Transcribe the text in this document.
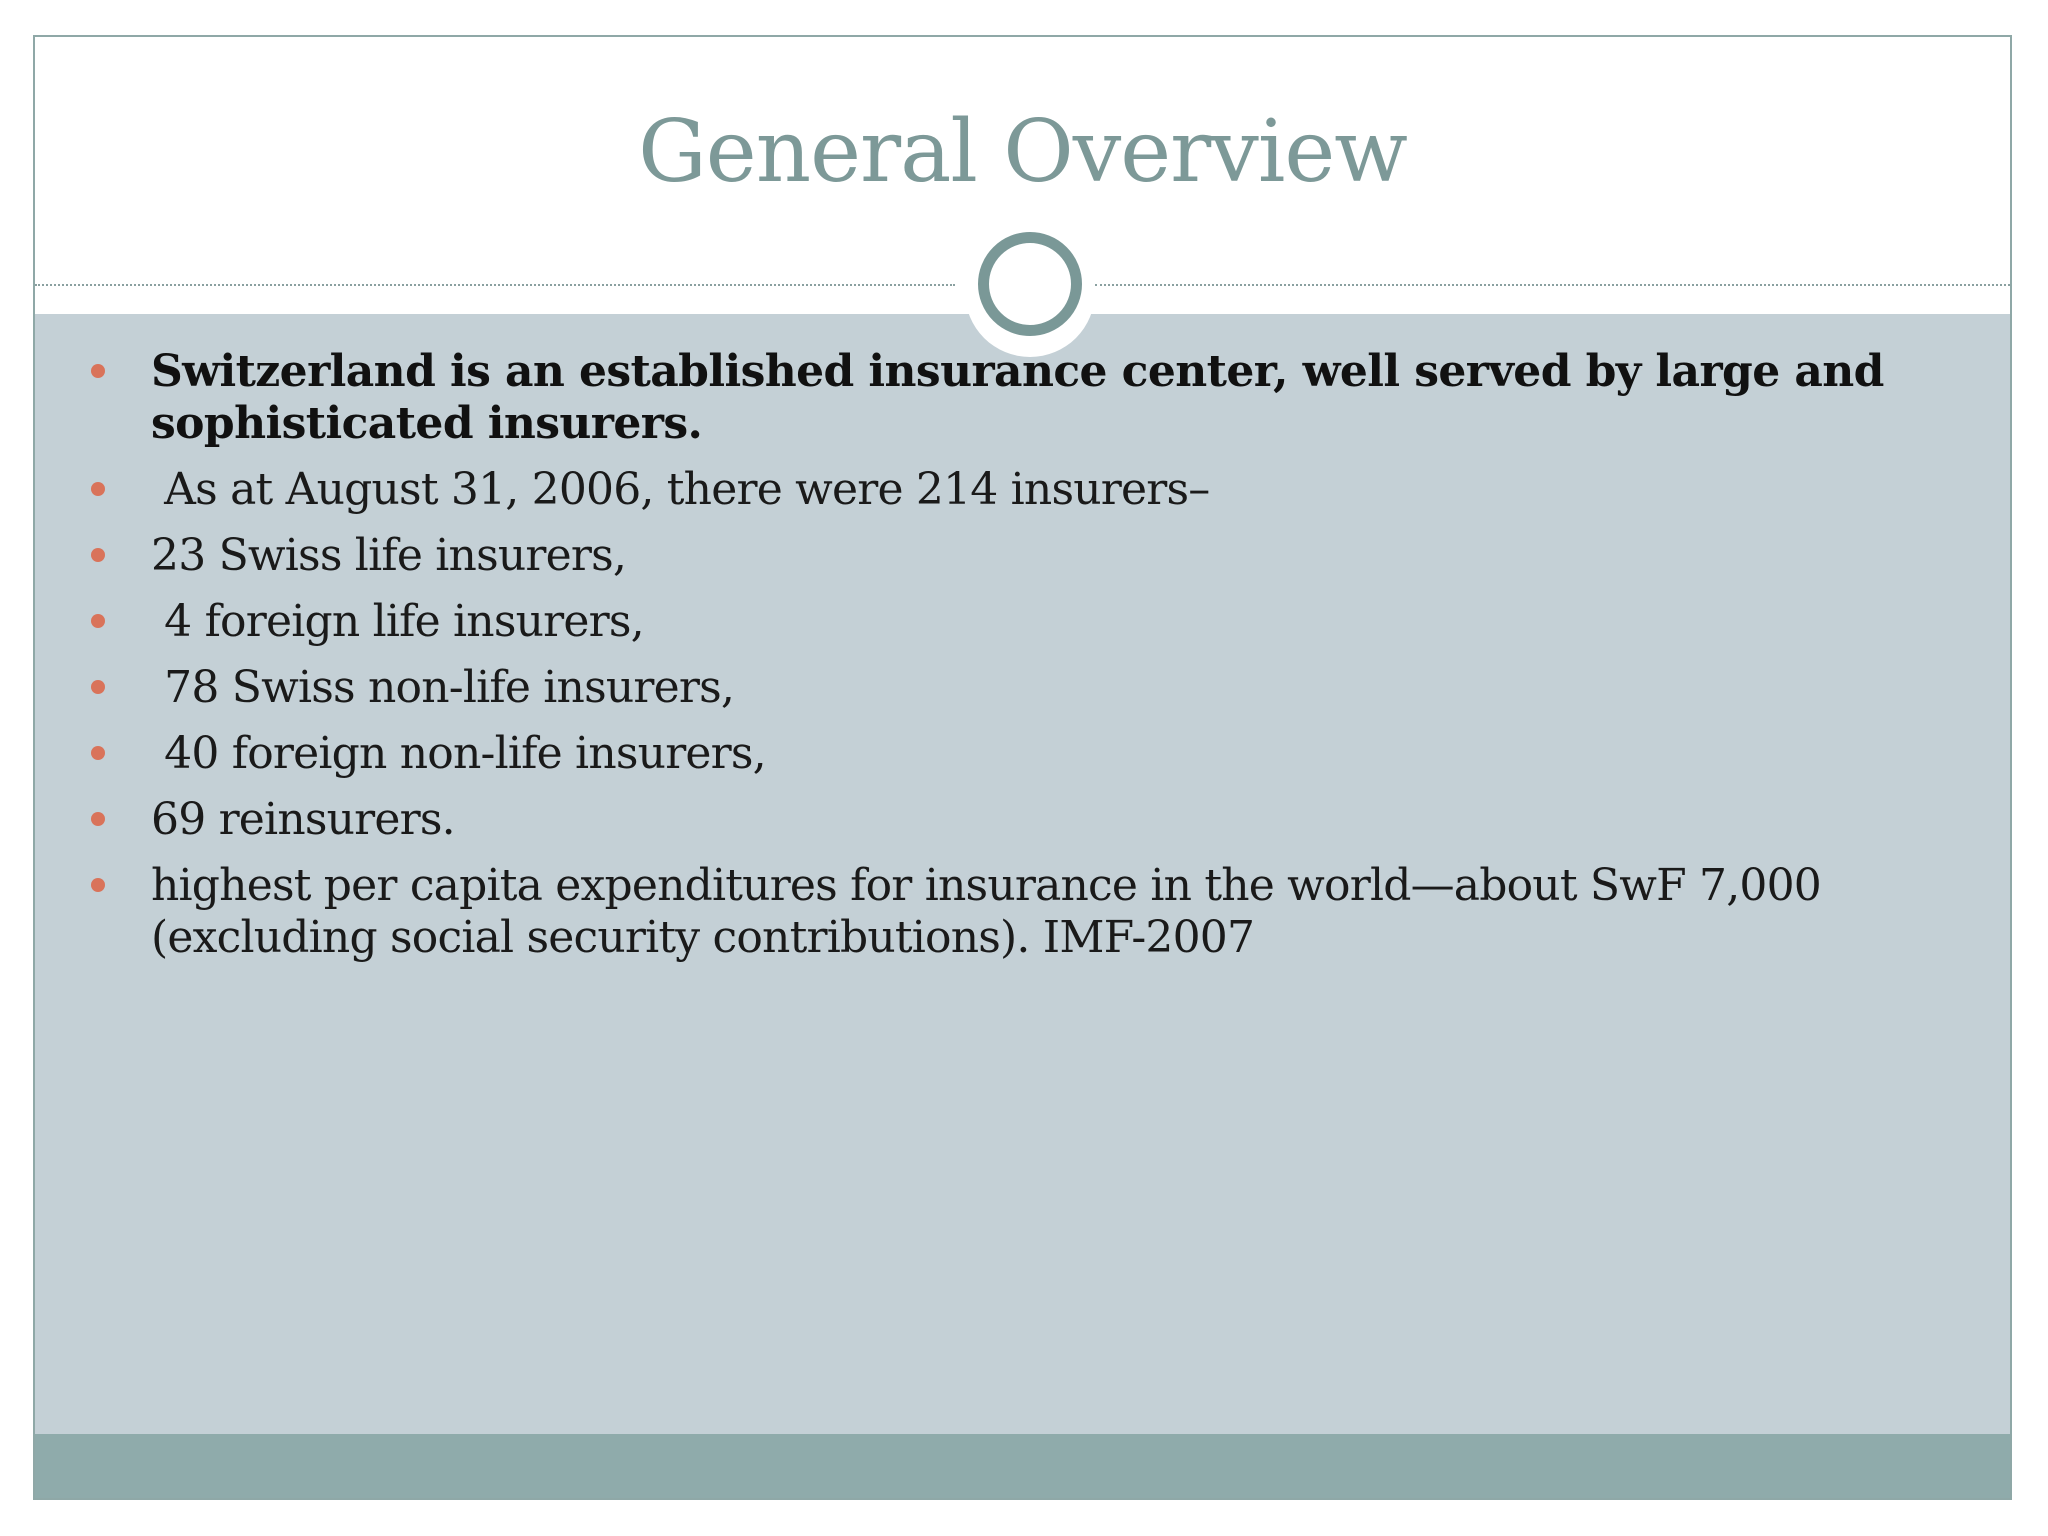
General Overview
Switzerland is an established insurance center, well served by large and sophisticated insurers.
As at August 31, 2006, there were 214 insurers–
23 Swiss life insurers,
4 foreign life insurers,
78 Swiss non-life insurers,
40 foreign non-life insurers,
69 reinsurers.
highest per capita expenditures for insurance in the world—about SwF 7,000 (excluding social security contributions). IMF-2007
